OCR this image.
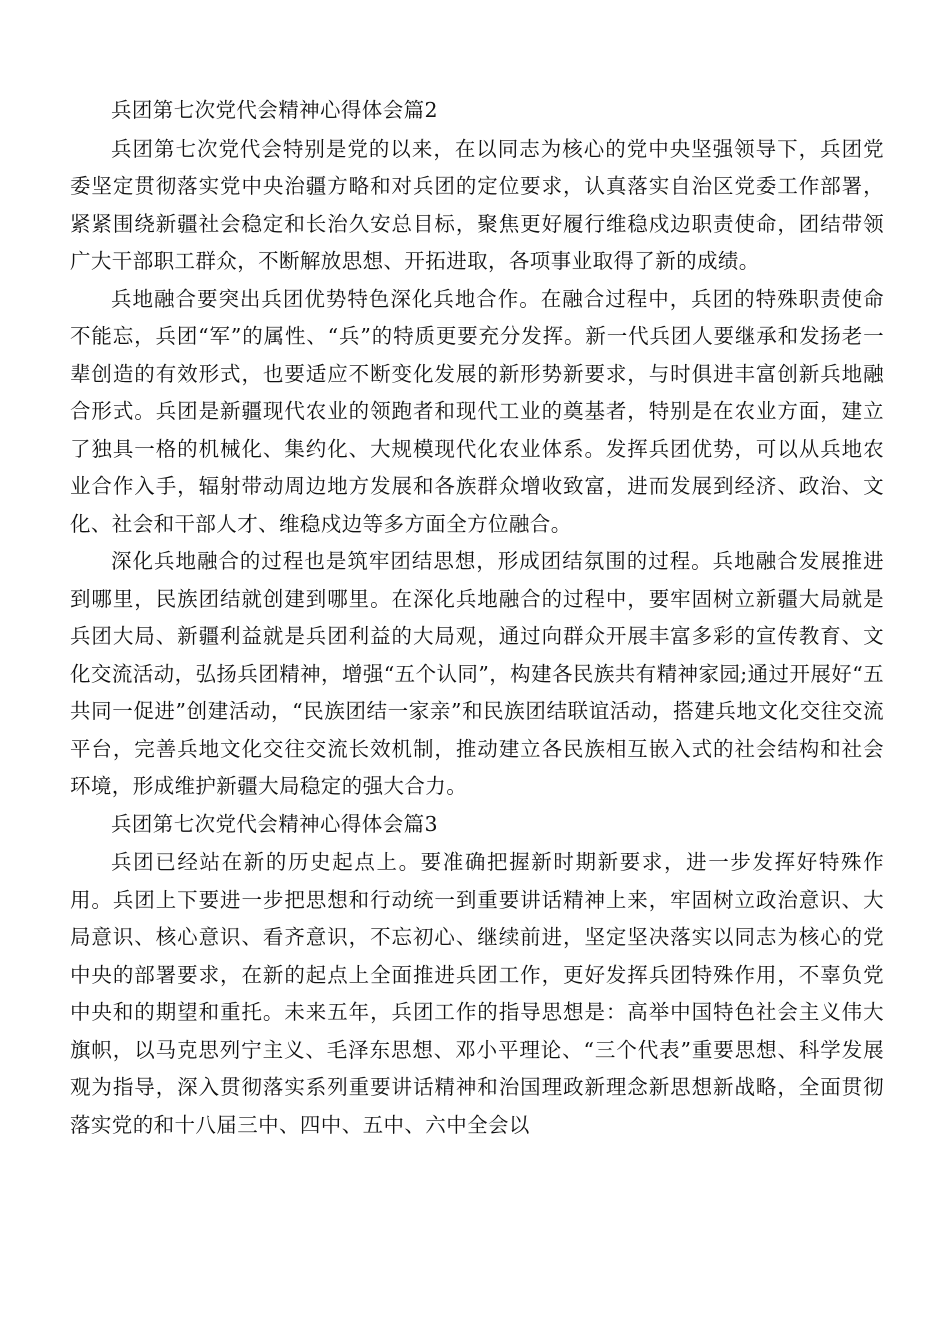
兵团第七次党代会精神心得体会篇2

兵团第七次党代会特别是党的以来，在以同志为核心的党中央坚强领导下，兵团党委坚定贯彻落实党中央治疆方略和对兵团的定位要求，认真落实自治区党委工作部署，紧紧围绕新疆社会稳定和长治久安总目标，聚焦更好履行维稳戍边职责使命，团结带领广大干部职工群众，不断解放思想、开拓进取，各项事业取得了新的成绩。

兵地融合要突出兵团优势特色深化兵地合作。在融合过程中，兵团的特殊职责使命不能忘，兵团“军”的属性、“兵”的特质更要充分发挥。新一代兵团人要继承和发扬老一辈创造的有效形式，也要适应不断变化发展的新形势新要求，与时俱进丰富创新兵地融合形式。兵团是新疆现代农业的领跑者和现代工业的奠基者，特别是在农业方面，建立了独具一格的机械化、集约化、大规模现代化农业体系。发挥兵团优势，可以从兵地农业合作入手，辐射带动周边地方发展和各族群众增收致富，进而发展到经济、政治、文化、社会和干部人才、维稳戍边等多方面全方位融合。

深化兵地融合的过程也是筑牢团结思想，形成团结氛围的过程。兵地融合发展推进到哪里，民族团结就创建到哪里。在深化兵地融合的过程中，要牢固树立新疆大局就是兵团大局、新疆利益就是兵团利益的大局观，通过向群众开展丰富多彩的宣传教育、文化交流活动，弘扬兵团精神，增强“五个认同”，构建各民族共有精神家园;通过开展好“五共同一促进”创建活动，“民族团结一家亲”和民族团结联谊活动，搭建兵地文化交往交流平台，完善兵地文化交往交流长效机制，推动建立各民族相互嵌入式的社会结构和社会环境，形成维护新疆大局稳定的强大合力。

兵团第七次党代会精神心得体会篇3

兵团已经站在新的历史起点上。要准确把握新时期新要求，进一步发挥好特殊作用。兵团上下要进一步把思想和行动统一到重要讲话精神上来，牢固树立政治意识、大局意识、核心意识、看齐意识，不忘初心、继续前进，坚定坚决落实以同志为核心的党中央的部署要求，在新的起点上全面推进兵团工作，更好发挥兵团特殊作用，不辜负党中央和的期望和重托。未来五年，兵团工作的指导思想是：高举中国特色社会主义伟大旗帜，以马克思列宁主义、毛泽东思想、邓小平理论、“三个代表”重要思想、科学发展观为指导，深入贯彻落实系列重要讲话精神和治国理政新理念新思想新战略，全面贯彻落实党的和十八届三中、四中、五中、六中全会以
